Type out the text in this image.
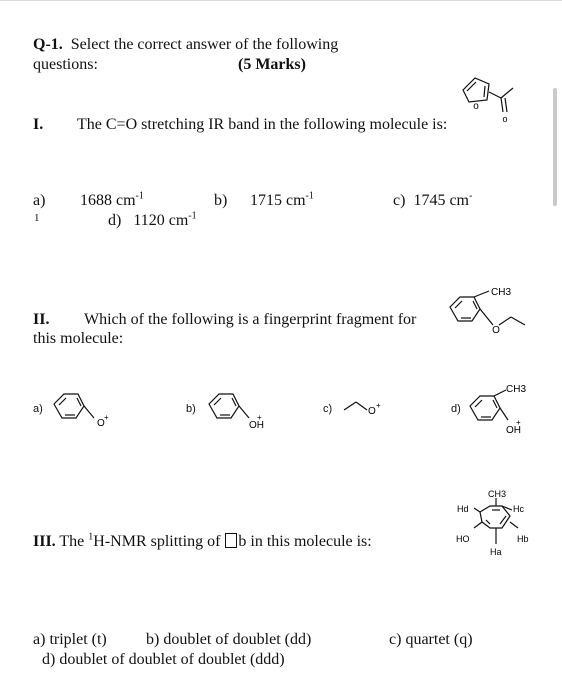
Q-1. Select the correct answer of the following
questions:	(5 Marks)
o
o
I. The C=O stretching IR band in the following molecule is:
a) 1688 $cm^{-1}$	b) 1715 $cm^{-1}$	c) 1745 cm-
1	d) 1120 $cm^{-1}$
CH3
O
II. Which of the following is a fingerprint fragment for
this molecule:
a)
O
+
b)
OH
+
c)	O
+	d)
CH3
OH
+
CH3
Hd	Hc
HO	Hb
Ha
III. The $^1$H-NMR splitting of b in this molecule is:
a) triplet (t) b) doublet of doublet (dd)	c) quartet (q)
d) doublet of doublet of doublet (ddd)
